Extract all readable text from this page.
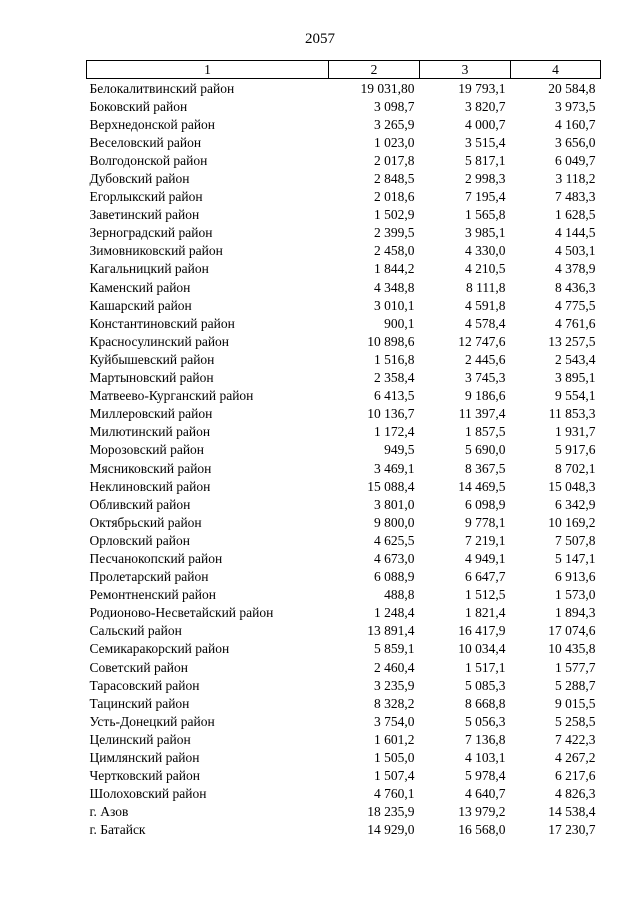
2057
1	2	3	4
Белокалитвинский район	19 031,80	19 793,1	20 584,8
Боковский район	3 098,7	3 820,7	3 973,5
Верхнедонской район	3 265,9	4 000,7	4 160,7
Веселовский район	1 023,0	3 515,4	3 656,0
Волгодонской район	2 017,8	5 817,1	6 049,7
Дубовский район	2 848,5	2 998,3	3 118,2
Егорлыкский район	2 018,6	7 195,4	7 483,3
Заветинский район	1 502,9	1 565,8	1 628,5
Зерноградский район	2 399,5	3 985,1	4 144,5
Зимовниковский район	2 458,0	4 330,0	4 503,1
Кагальницкий район	1 844,2	4 210,5	4 378,9
Каменский район	4 348,8	8 111,8	8 436,3
Кашарский район	3 010,1	4 591,8	4 775,5
Константиновский район	900,1	4 578,4	4 761,6
Красносулинский район	10 898,6	12 747,6	13 257,5
Куйбышевский район	1 516,8	2 445,6	2 543,4
Мартыновский район	2 358,4	3 745,3	3 895,1
Матвеево-Курганский район	6 413,5	9 186,6	9 554,1
Миллеровский район	10 136,7	11 397,4	11 853,3
Милютинский район	1 172,4	1 857,5	1 931,7
Морозовский район	949,5	5 690,0	5 917,6
Мясниковский район	3 469,1	8 367,5	8 702,1
Неклиновский район	15 088,4	14 469,5	15 048,3
Обливский район	3 801,0	6 098,9	6 342,9
Октябрьский район	9 800,0	9 778,1	10 169,2
Орловский район	4 625,5	7 219,1	7 507,8
Песчанокопский район	4 673,0	4 949,1	5 147,1
Пролетарский район	6 088,9	6 647,7	6 913,6
Ремонтненский район	488,8	1 512,5	1 573,0
Родионово-Несветайский район	1 248,4	1 821,4	1 894,3
Сальский район	13 891,4	16 417,9	17 074,6
Семикаракорский район	5 859,1	10 034,4	10 435,8
Советский район	2 460,4	1 517,1	1 577,7
Тарасовский район	3 235,9	5 085,3	5 288,7
Тацинский район	8 328,2	8 668,8	9 015,5
Усть-Донецкий район	3 754,0	5 056,3	5 258,5
Целинский район	1 601,2	7 136,8	7 422,3
Цимлянский район	1 505,0	4 103,1	4 267,2
Чертковский район	1 507,4	5 978,4	6 217,6
Шолоховский район	4 760,1	4 640,7	4 826,3
г. Азов	18 235,9	13 979,2	14 538,4
г. Батайск	14 929,0	16 568,0	17 230,7
